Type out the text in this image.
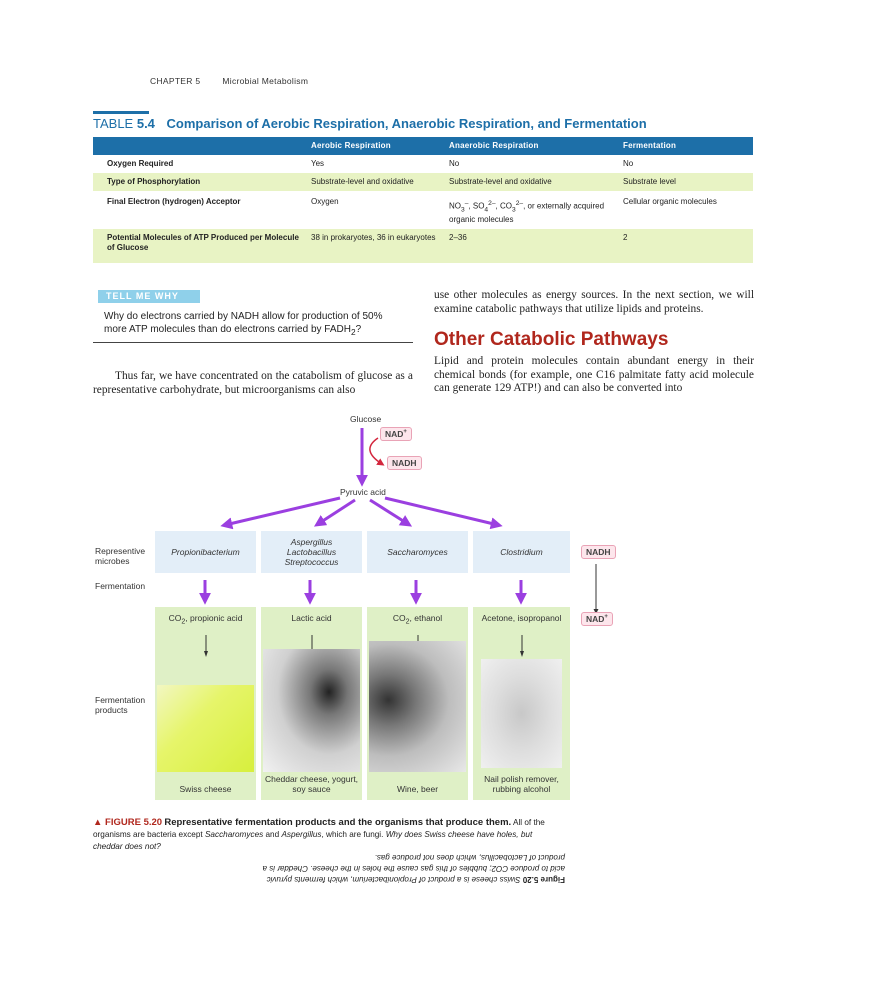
CHAPTER 5	Microbial Metabolism
TABLE 5.4 Comparison of Aerobic Respiration, Anaerobic Respiration, and Fermentation
	Aerobic Respiration	Anaerobic Respiration	Fermentation
Oxygen Required	Yes	No	No
Type of Phosphorylation	Substrate-level and oxidative	Substrate-level and oxidative	Substrate level
Final Electron (hydrogen) Acceptor	Oxygen	$NO_3^-$, $SO_4^{2-}$, $CO_3^{2-}$, or externally acquired organic molecules	Cellular organic molecules
Potential Molecules of ATP Produced per Molecule of Glucose	38 in prokaryotes, 36 in eukaryotes	2–36	2
TELL ME WHY
Why do electrons carried by NADH allow for production of 50% more ATP molecules than do electrons carried by $FADH_2$?
Thus far, we have concentrated on the catabolism of glucose as a representative carbohydrate, but microorganisms can also
use other molecules as energy sources. In the next section, we will examine catabolic pathways that utilize lipids and proteins.
Other Catabolic Pathways
Lipid and protein molecules contain abundant energy in their chemical bonds (for example, one C16 palmitate fatty acid molecule can generate 129 ATP!) and can also be converted into
Glucose
NAD+
NADH
Pyruvic acid
Representive microbes
Fermentation
Fermentation products
Propionibacterium
Aspergillus Lactobacillus Streptococcus
Saccharomyces	Clostridium	NADH
NAD+
$CO_2$, propionic acid
Swiss cheese
Lactic acid
Cheddar cheese, yogurt, soy sauce
$CO_2$, ethanol
Wine, beer
Acetone, isopropanol
Nail polish remover, rubbing alcohol
▲ FIGURE 5.20 Representative fermentation products and the organisms that produce them. All of the organisms are bacteria except Saccharomyces and Aspergillus, which are fungi. Why does Swiss cheese have holes, but cheddar does not?
Figure 5.20 Swiss cheese is a product of Propionibacterium, which ferments pyruvic acid to produce CO2; bubbles of this gas cause the holes in the cheese. Cheddar is a product of Lactobacillus, which does not produce gas.
